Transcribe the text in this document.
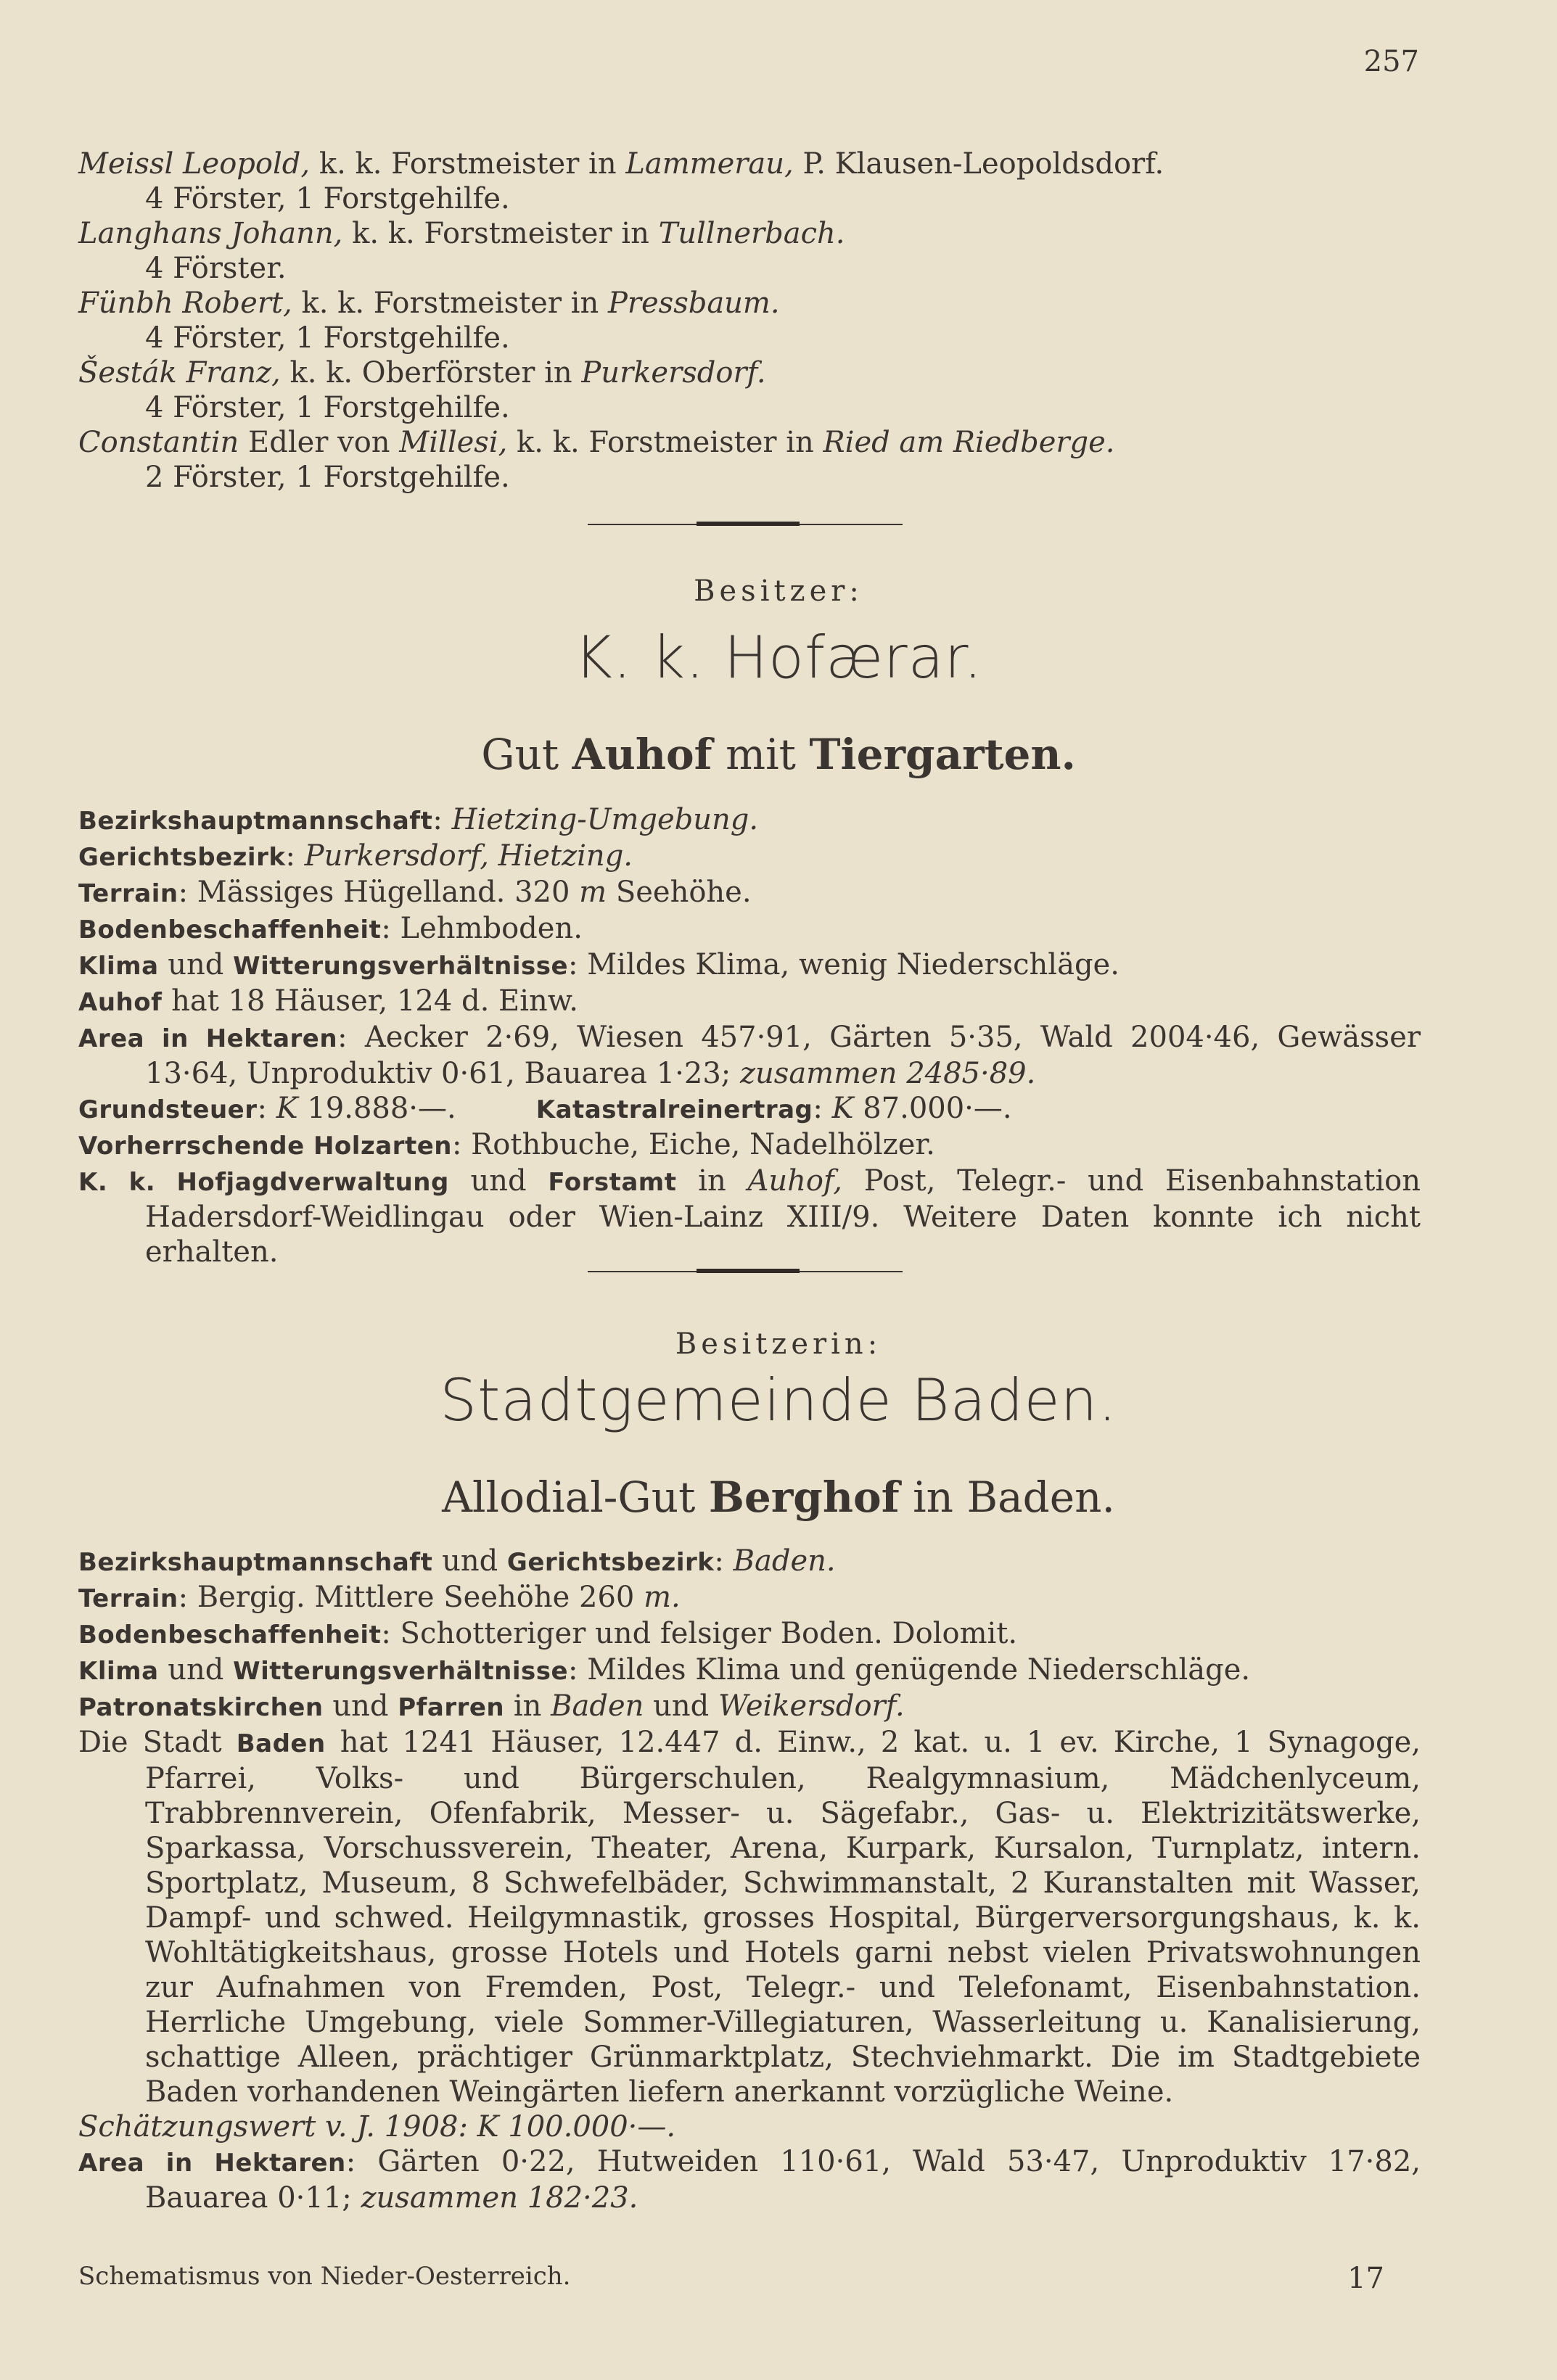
257
Meissl Leopold, k. k. Forstmeister in Lammerau, P. Klausen-Leopoldsdorf.
4 Förster, 1 Forstgehilfe.
Langhans Johann, k. k. Forstmeister in Tullnerbach.
4 Förster.
Fünbh Robert, k. k. Forstmeister in Pressbaum.
4 Förster, 1 Forstgehilfe.
Šesták Franz, k. k. Oberförster in Purkersdorf.
4 Förster, 1 Forstgehilfe.
Constantin Edler von Millesi, k. k. Forstmeister in Ried am Riedberge.
2 Förster, 1 Forstgehilfe.
Besitzer:
K. k. Hofærar.
Gut Auhof mit Tiergarten.
Bezirkshauptmannschaft: Hietzing-Umgebung.
Gerichtsbezirk: Purkersdorf, Hietzing.
Terrain: Mässiges Hügelland. 320 m Seehöhe.
Bodenbeschaffenheit: Lehmboden.
Klima und Witterungsverhältnisse: Mildes Klima, wenig Niederschläge.
Auhof hat 18 Häuser, 124 d. Einw.
Area in Hektaren: Aecker 2·69, Wiesen 457·91, Gärten 5·35, Wald 2004·46, Gewässer 13·64, Unproduktiv 0·61, Bauarea 1·23; zusammen 2485·89.
Grundsteuer: K 19.888·—.	Katastralreinertrag: K 87.000·—.
Vorherrschende Holzarten: Rothbuche, Eiche, Nadelhölzer.
K. k. Hofjagdverwaltung und Forstamt in Auhof, Post, Telegr.- und Eisenbahnstation Hadersdorf-Weidlingau oder Wien-Lainz XIII/9. Weitere Daten konnte ich nicht erhalten.
Besitzerin:
Stadtgemeinde Baden.
Allodial-Gut Berghof in Baden.
Bezirkshauptmannschaft und Gerichtsbezirk: Baden.
Terrain: Bergig. Mittlere Seehöhe 260 m.
Bodenbeschaffenheit: Schotteriger und felsiger Boden. Dolomit.
Klima und Witterungsverhältnisse: Mildes Klima und genügende Niederschläge.
Patronatskirchen und Pfarren in Baden und Weikersdorf.
Die Stadt Baden hat 1241 Häuser, 12.447 d. Einw., 2 kat. u. 1 ev. Kirche, 1 Synagoge, Pfarrei, Volks- und Bürgerschulen, Realgymnasium, Mädchenlyceum, Trabbrennverein, Ofenfabrik, Messer- u. Sägefabr., Gas- u. Elektrizitätswerke, Sparkassa, Vorschussverein, Theater, Arena, Kurpark, Kursalon, Turnplatz, intern. Sportplatz, Museum, 8 Schwefelbäder, Schwimmanstalt, 2 Kuranstalten mit Wasser, Dampf- und schwed. Heilgymnastik, grosses Hospital, Bürgerversorgungshaus, k. k. Wohltätigkeitshaus, grosse Hotels und Hotels garni nebst vielen Privatswohnungen zur Aufnahmen von Fremden, Post, Telegr.- und Telefonamt, Eisenbahnstation. Herrliche Umgebung, viele Sommer-Villegiaturen, Wasserleitung u. Kanalisierung, schattige Alleen, prächtiger Grünmarktplatz, Stechviehmarkt. Die im Stadtgebiete Baden vorhandenen Weingärten liefern anerkannt vorzügliche Weine.
Schätzungswert v. J. 1908: K 100.000·—.
Area in Hektaren: Gärten 0·22, Hutweiden 110·61, Wald 53·47, Unproduktiv 17·82, Bauarea 0·11; zusammen 182·23.
Schematismus von Nieder-Oesterreich.	17
